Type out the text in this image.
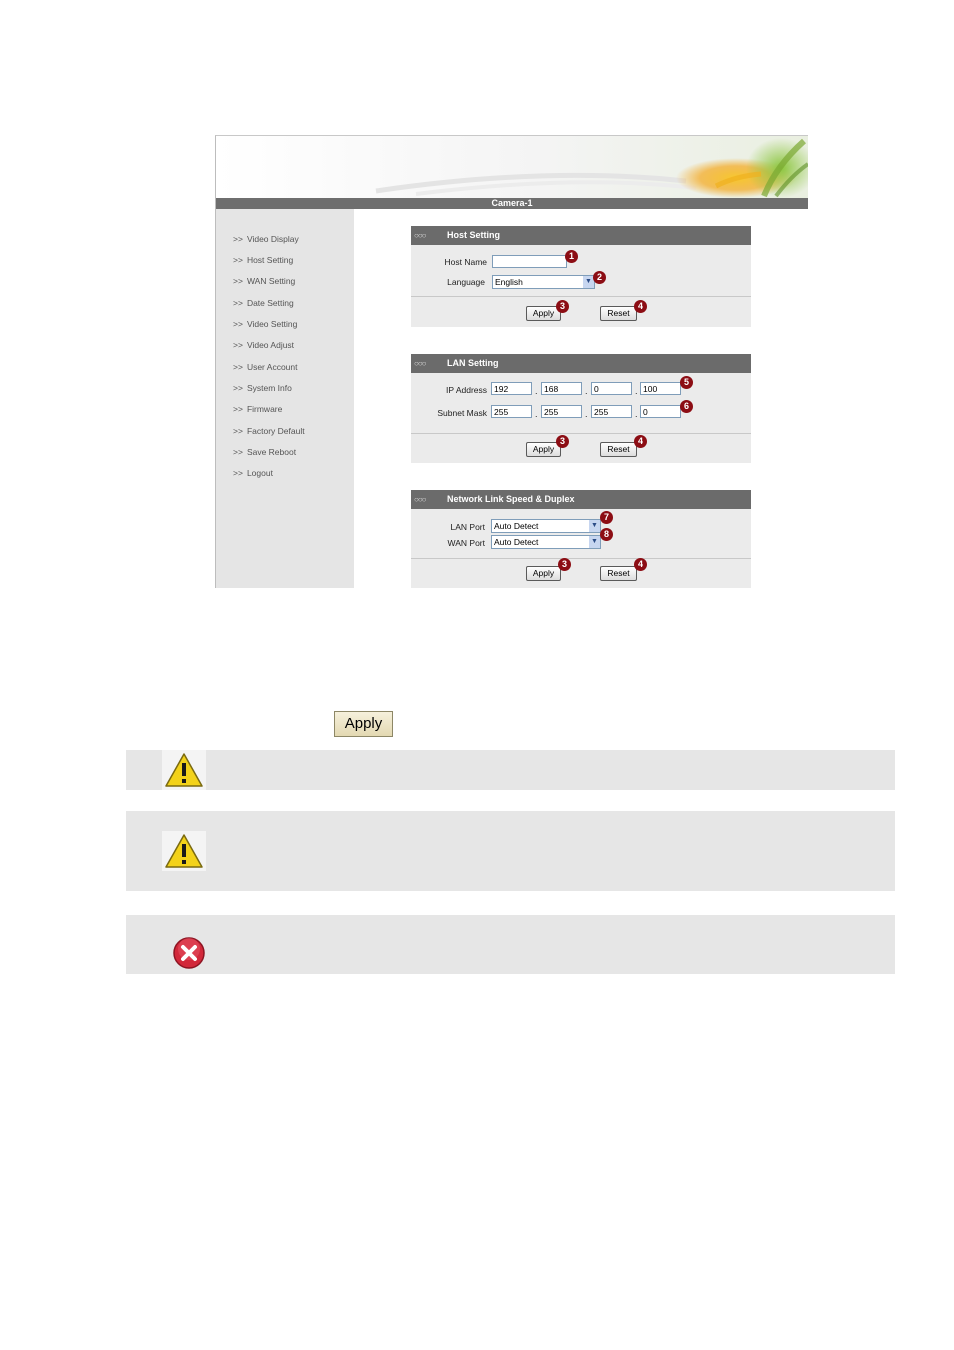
Camera-1
>> Video Display
>> Host Setting
>> WAN Setting
>> Date Setting
>> Video Setting
>> Video Adjust
>> User Account
>> System Info
>> Firmware
>> Factory Default
>> Save Reboot
>> Logout
○○○ Host Setting
Host Name
1
Language	English	▼ 2
Apply
3
Reset
4
○○○ LAN Setting
IP Address 192	. 168	. 0	. 100
5
Subnet Mask 255	. 255	. 255	. 0
6
Apply
3
Reset
4
○○○ Network Link Speed & Duplex
LAN Port	Auto Detect	▼
7
WAN Port	Auto Detect	▼
8
Apply
3
Reset
4
Apply
